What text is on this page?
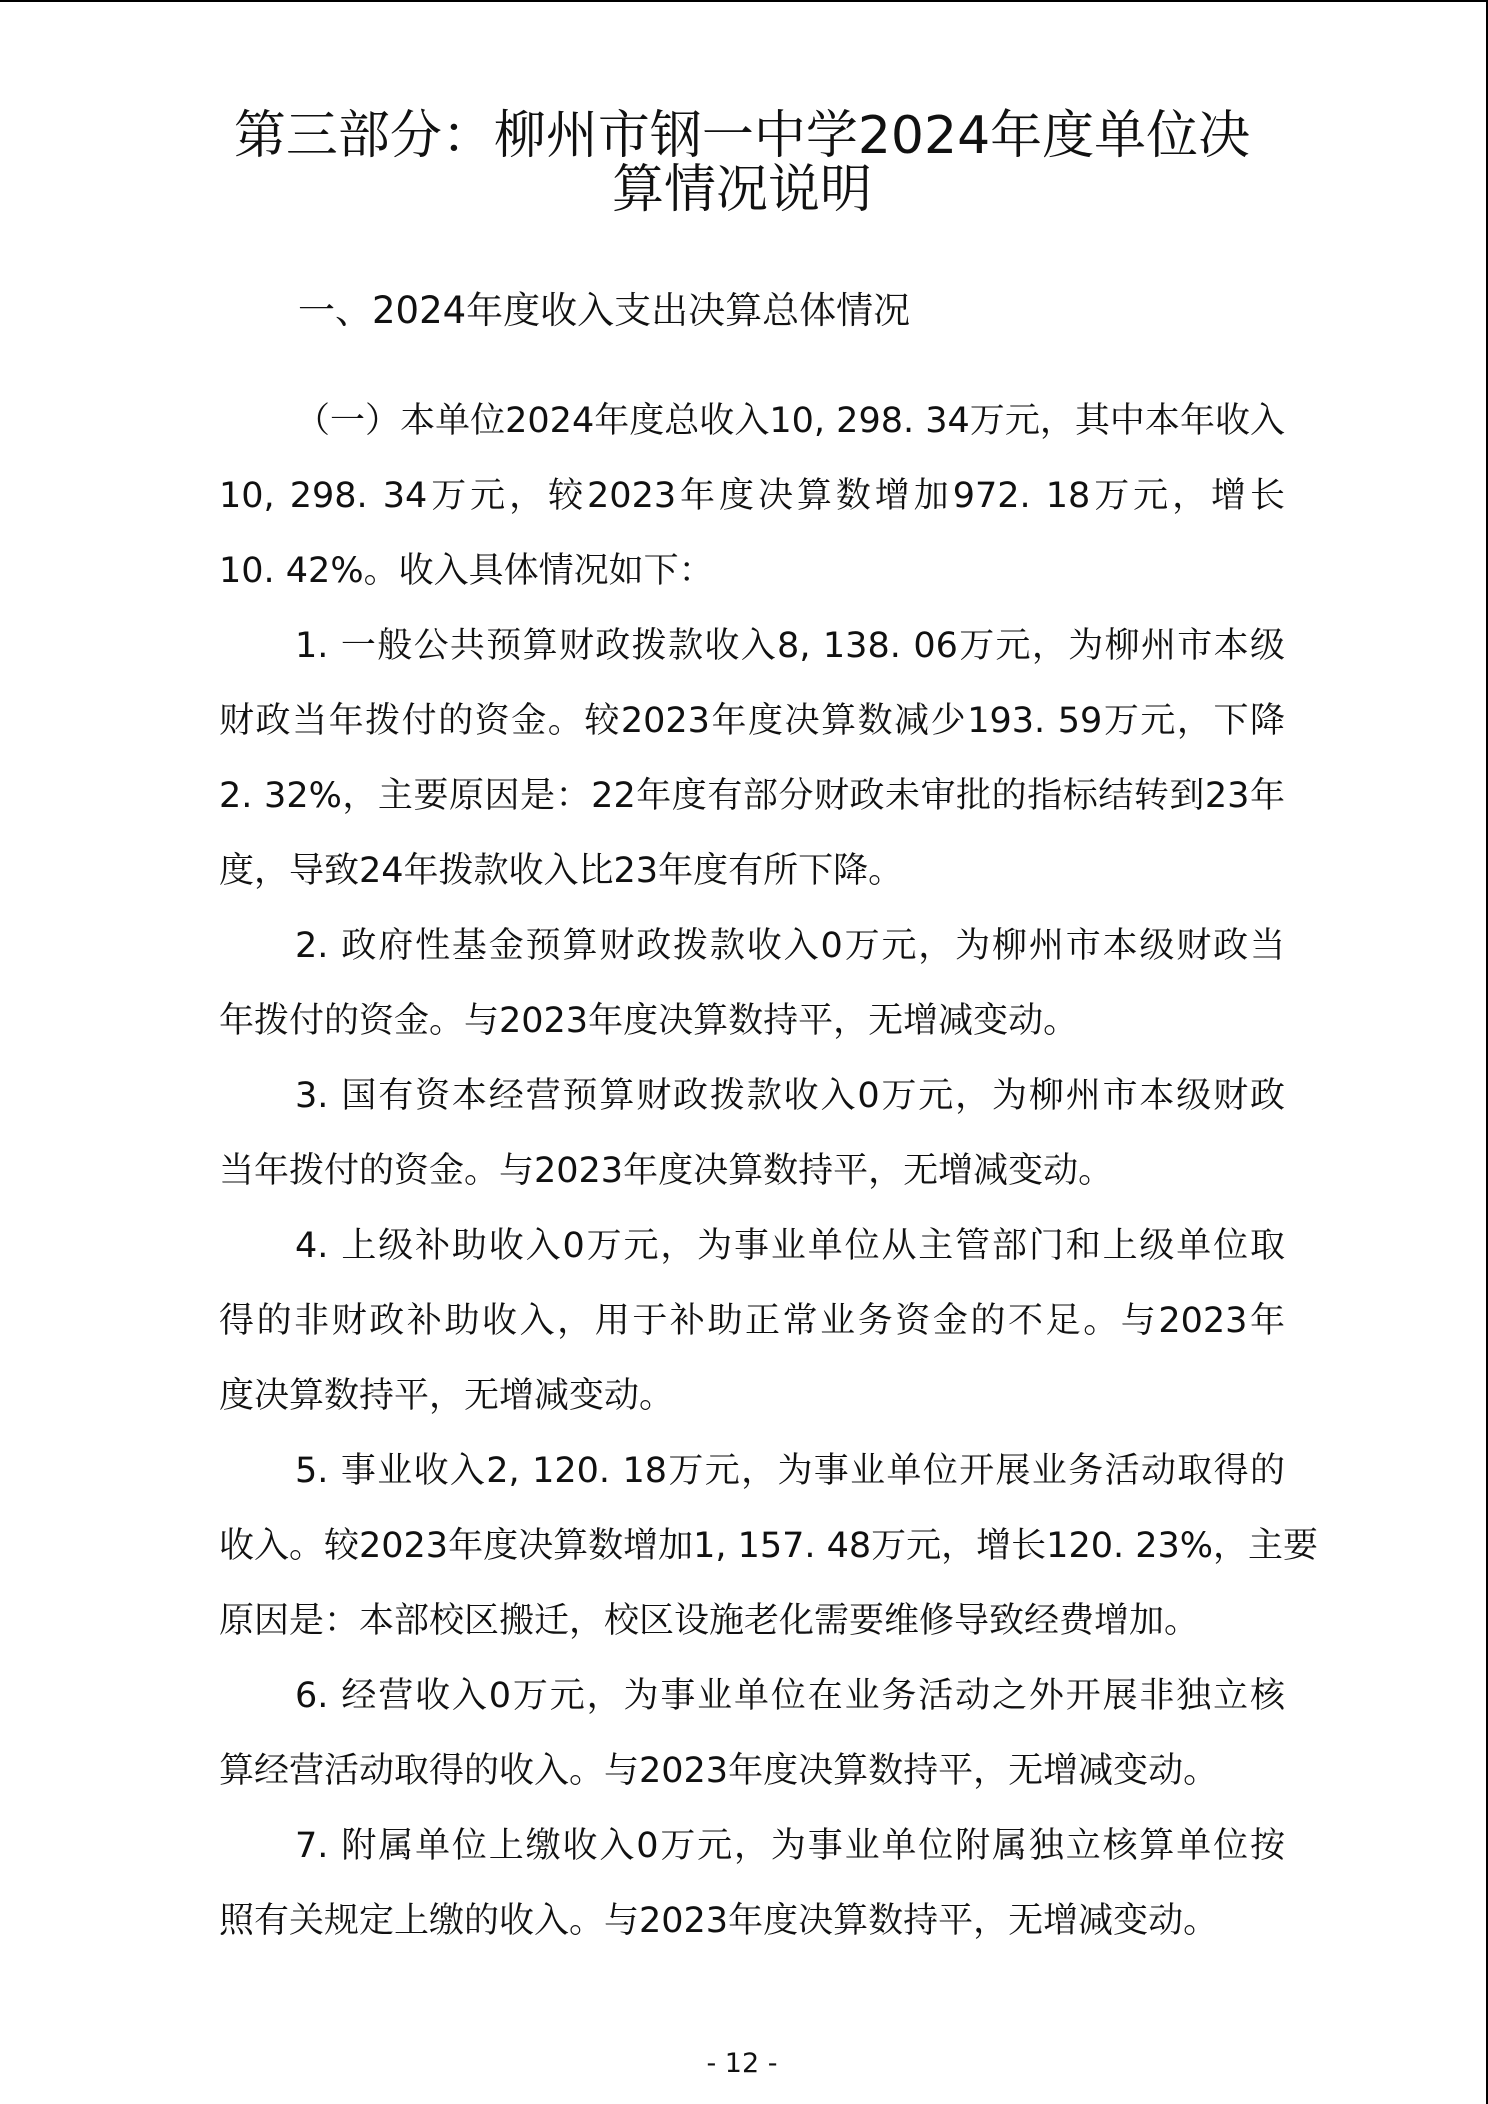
第三部分：柳州市钢一中学2024年度单位决
算情况说明
一、2024年度收入支出决算总体情况
（一）本单位2024年度总收入10, 298. 34万元，其中本年收入
10, 298. 34万元，较2023年度决算数增加972. 18万元，增长
10. 42%。收入具体情况如下：
1. 一般公共预算财政拨款收入8, 138. 06万元，为柳州市本级
财政当年拨付的资金。较2023年度决算数减少193. 59万元，下降
2. 32%，主要原因是：22年度有部分财政未审批的指标结转到23年
度，导致24年拨款收入比23年度有所下降。
2. 政府性基金预算财政拨款收入0万元，为柳州市本级财政当
年拨付的资金。与2023年度决算数持平，无增减变动。
3. 国有资本经营预算财政拨款收入0万元，为柳州市本级财政
当年拨付的资金。与2023年度决算数持平，无增减变动。
4. 上级补助收入0万元，为事业单位从主管部门和上级单位取
得的非财政补助收入，用于补助正常业务资金的不足。与2023年
度决算数持平，无增减变动。
5. 事业收入2, 120. 18万元，为事业单位开展业务活动取得的
收入。较2023年度决算数增加1, 157. 48万元，增长120. 23%，主要
原因是：本部校区搬迁，校区设施老化需要维修导致经费增加。
6. 经营收入0万元，为事业单位在业务活动之外开展非独立核
算经营活动取得的收入。与2023年度决算数持平，无增减变动。
7. 附属单位上缴收入0万元，为事业单位附属独立核算单位按
照有关规定上缴的收入。与2023年度决算数持平，无增减变动。
- 12 -
